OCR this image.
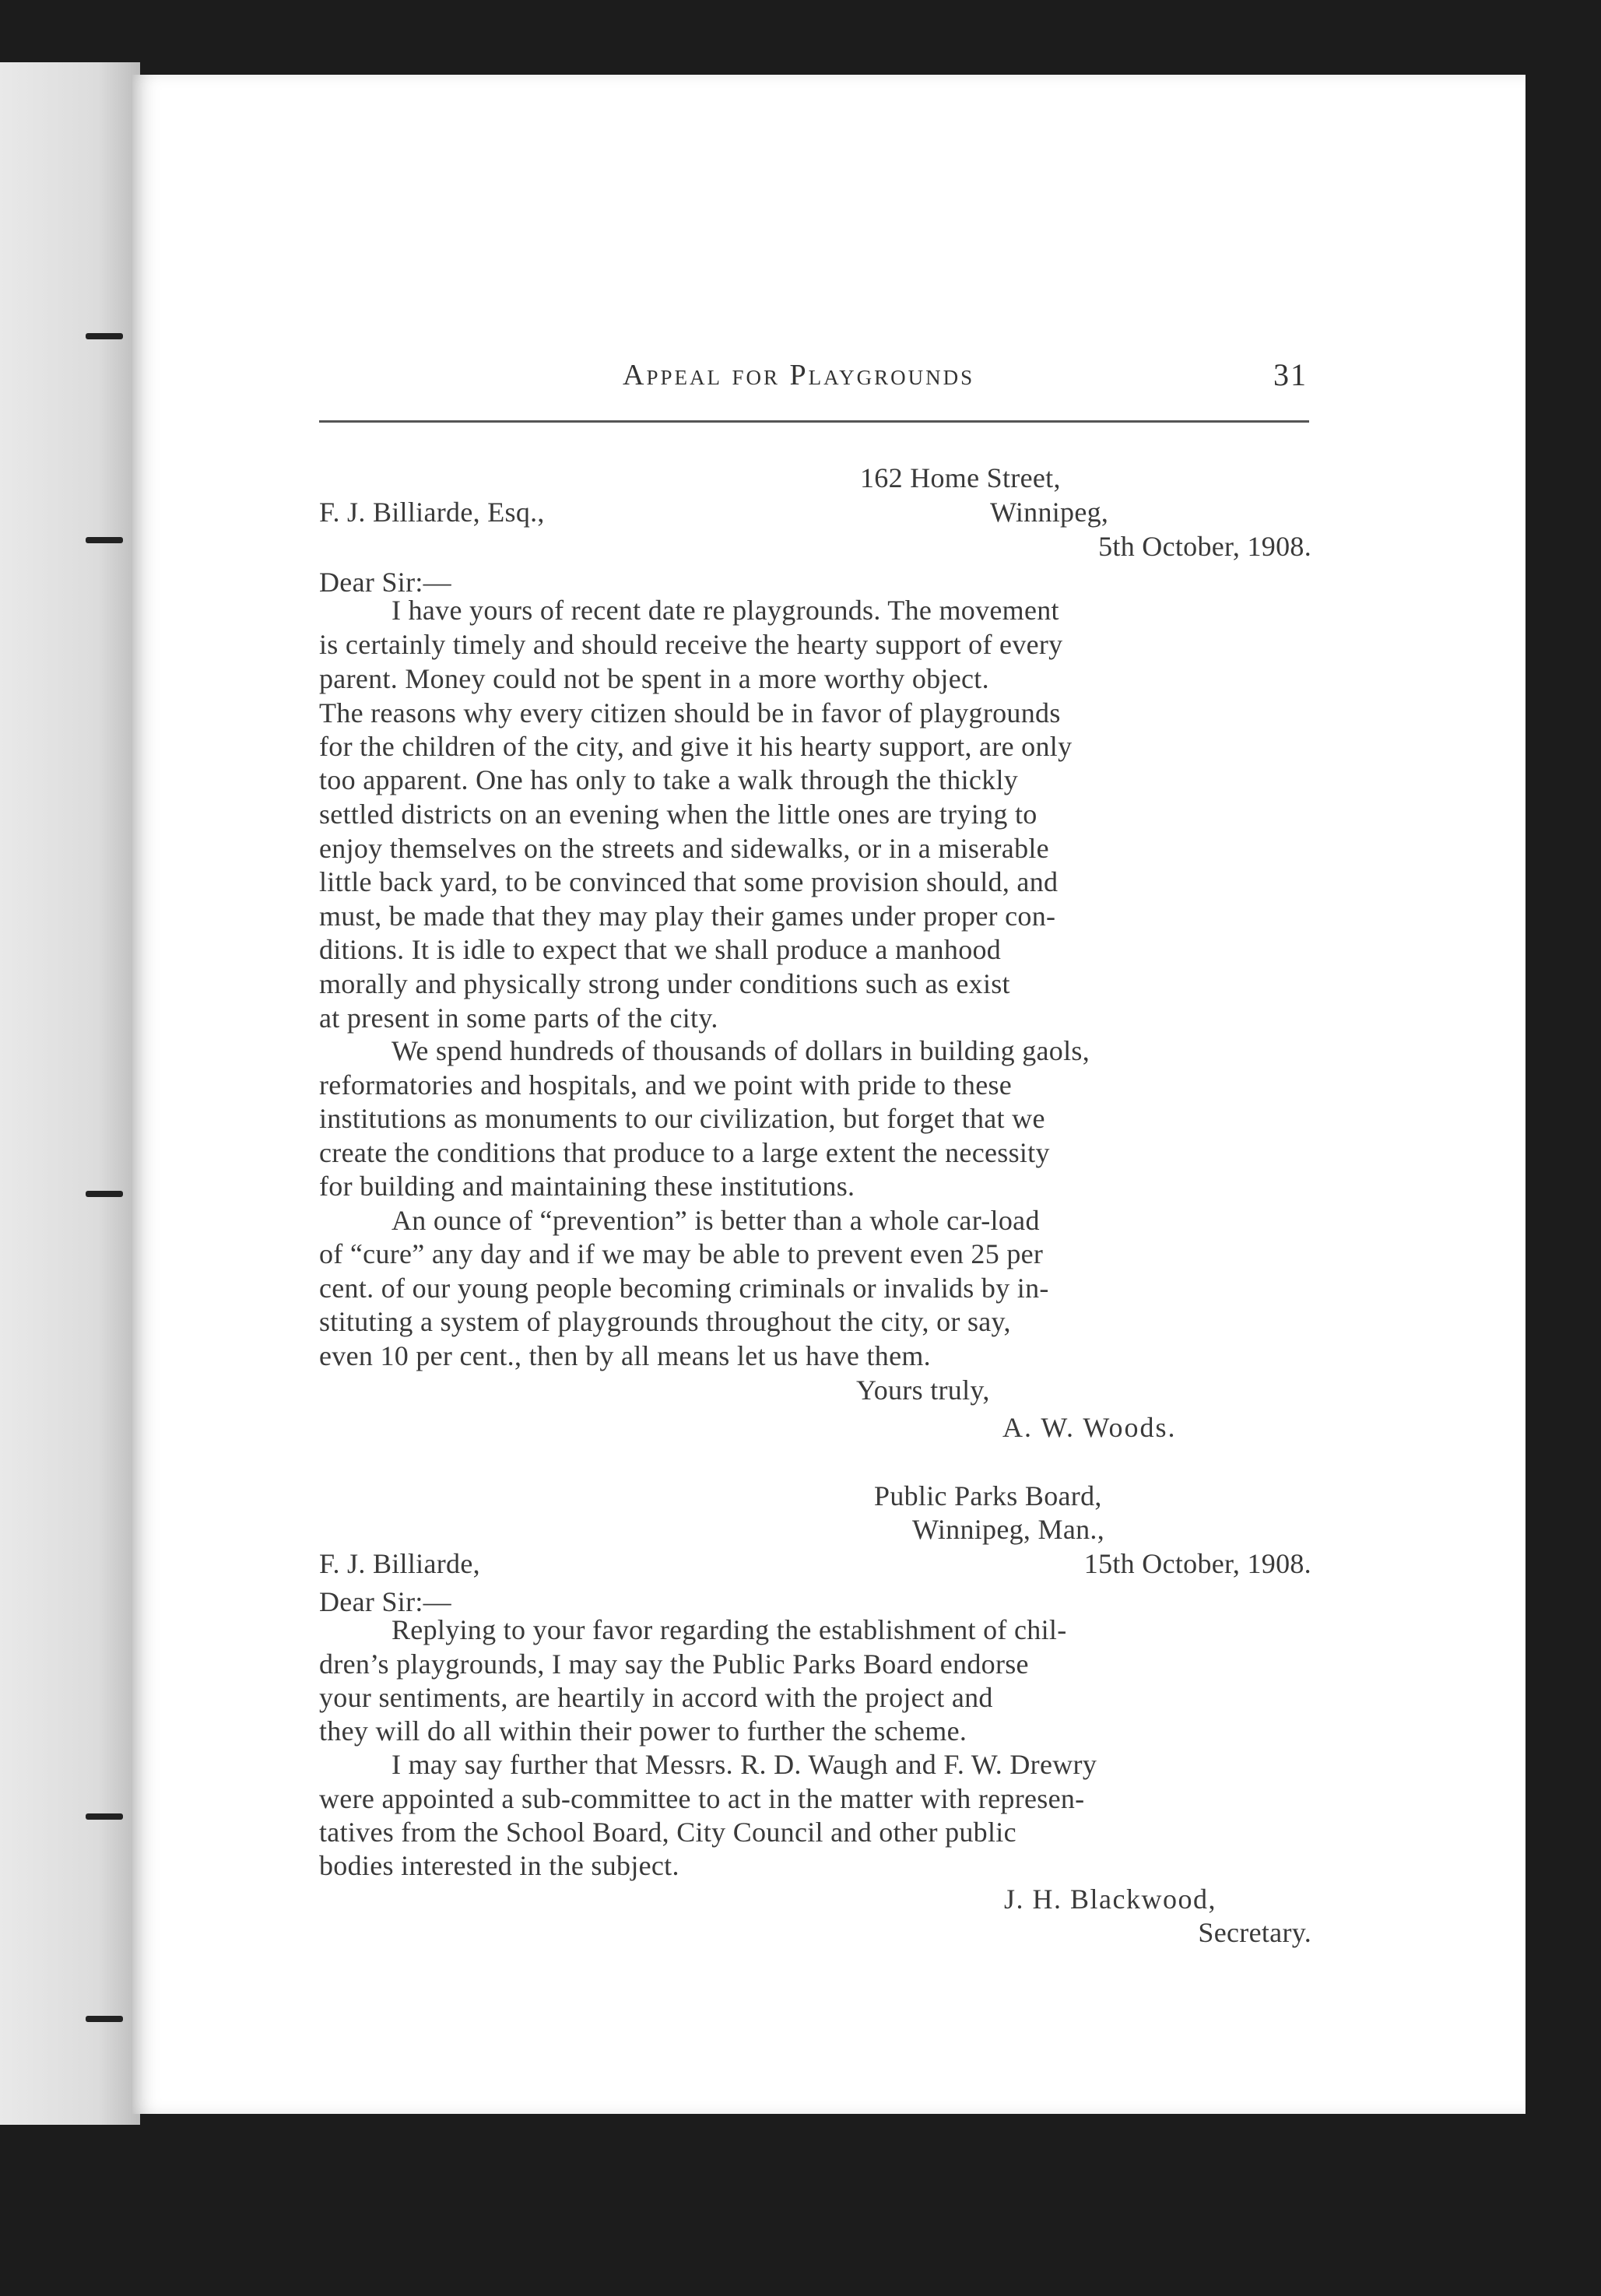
Appeal for Playgrounds	31
162 Home Street,
F. J. Billiarde, Esq.,	Winnipeg,
5th October, 1908.
Dear Sir:—
I have yours of recent date re playgrounds. The movement
is certainly timely and should receive the hearty support of every
parent. Money could not be spent in a more worthy object.
The reasons why every citizen should be in favor of playgrounds
for the children of the city, and give it his hearty support, are only
too apparent. One has only to take a walk through the thickly
settled districts on an evening when the little ones are trying to
enjoy themselves on the streets and sidewalks, or in a miserable
little back yard, to be convinced that some provision should, and
must, be made that they may play their games under proper con-
ditions. It is idle to expect that we shall produce a manhood
morally and physically strong under conditions such as exist
at present in some parts of the city.
We spend hundreds of thousands of dollars in building gaols,
reformatories and hospitals, and we point with pride to these
institutions as monuments to our civilization, but forget that we
create the conditions that produce to a large extent the necessity
for building and maintaining these institutions.
An ounce of “prevention” is better than a whole car-load
of “cure” any day and if we may be able to prevent even 25 per
cent. of our young people becoming criminals or invalids by in-
stituting a system of playgrounds throughout the city, or say,
even 10 per cent., then by all means let us have them.
Yours truly,
A. W. Woods.
Public Parks Board,
Winnipeg, Man.,
F. J. Billiarde,	15th October, 1908.
Dear Sir:—
Replying to your favor regarding the establishment of chil-
dren’s playgrounds, I may say the Public Parks Board endorse
your sentiments, are heartily in accord with the project and
they will do all within their power to further the scheme.
I may say further that Messrs. R. D. Waugh and F. W. Drewry
were appointed a sub-committee to act in the matter with represen-
tatives from the School Board, City Council and other public
bodies interested in the subject.
J. H. Blackwood,
Secretary.
